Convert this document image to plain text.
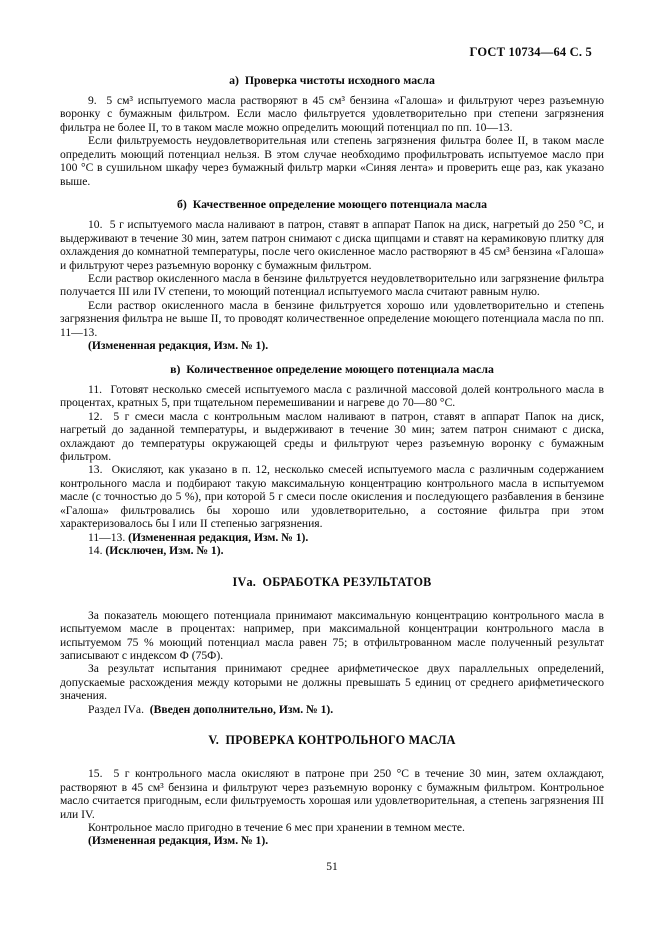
ГОСТ 10734—64 С. 5
а)  Проверка чистоты исходного масла

9.  5 см³ испытуемого масла растворяют в 45 см³ бензина «Галоша» и фильтруют через разъемную воронку с бумажным фильтром. Если масло фильтруется удовлетворительно при степени загрязнения фильтра не более II, то в таком масле можно определить моющий потенциал по пп. 10—13.

Если фильтруемость неудовлетворительная или степень загрязнения фильтра более II, в таком масле определить моющий потенциал нельзя. В этом случае необходимо профильтровать испытуемое масло при 100 °С в сушильном шкафу через бумажный фильтр марки «Синяя лента» и проверить еще раз, как указано выше.

б)  Качественное определение моющего потенциала масла

10.  5 г испытуемого масла наливают в патрон, ставят в аппарат Папок на диск, нагретый до 250 °С, и выдерживают в течение 30 мин, затем патрон снимают с диска щипцами и ставят на керамиковую плитку для охлаждения до комнатной температуры, после чего окисленное масло растворяют в 45 см³ бензина «Галоша» и фильтруют через разъемную воронку с бумажным фильтром.

Если раствор окисленного масла в бензине фильтруется неудовлетворительно или загрязнение фильтра получается III или IV степени, то моющий потенциал испытуемого масла считают равным нулю.

Если раствор окисленного масла в бензине фильтруется хорошо или удовлетворительно и степень загрязнения фильтра не выше II, то проводят количественное определение моющего потенциала масла по пп. 11—13.

(Измененная редакция, Изм. № 1).

в)  Количественное определение моющего потенциала масла

11.  Готовят несколько смесей испытуемого масла с различной массовой долей контрольного масла в процентах, кратных 5, при тщательном перемешивании и нагреве до 70—80 °С.

12.  5 г смеси масла с контрольным маслом наливают в патрон, ставят в аппарат Папок на диск, нагретый до заданной температуры, и выдерживают в течение 30 мин; затем патрон снимают с диска, охлаждают до температуры окружающей среды и фильтруют через разъемную воронку с бумажным фильтром.

13.  Окисляют, как указано в п. 12, несколько смесей испытуемого масла с различным содержанием контрольного масла и подбирают такую максимальную концентрацию контрольного масла в испытуемом масле (с точностью до 5 %), при которой 5 г смеси после окисления и последующего разбавления в бензине «Галоша» фильтровались бы хорошо или удовлетворительно, а состояние фильтра при этом характеризовалось бы I или II степенью загрязнения.

11—13. (Измененная редакция, Изм. № 1).

14. (Исключен, Изм. № 1).

IVа.  ОБРАБОТКА РЕЗУЛЬТАТОВ

За показатель моющего потенциала принимают максимальную концентрацию контрольного масла в испытуемом масле в процентах: например, при максимальной концентрации контрольного масла в испытуемом 75 % моющий потенциал масла равен 75; в отфильтрованном масле полученный результат записывают с индексом Ф (75Ф).

За результат испытания принимают среднее арифметическое двух параллельных определений, допускаемые расхождения между которыми не должны превышать 5 единиц от среднего арифметического значения.

Раздел IVа.  (Введен дополнительно, Изм. № 1).

V.  ПРОВЕРКА КОНТРОЛЬНОГО МАСЛА

15.  5 г контрольного масла окисляют в патроне при 250 °С в течение 30 мин, затем охлаждают, растворяют в 45 см³ бензина и фильтруют через разъемную воронку с бумажным фильтром. Контрольное масло считается пригодным, если фильтруемость хорошая или удовлетворительная, а степень загрязнения III или IV.

Контрольное масло пригодно в течение 6 мес при хранении в темном месте.

(Измененная редакция, Изм. № 1).

51
